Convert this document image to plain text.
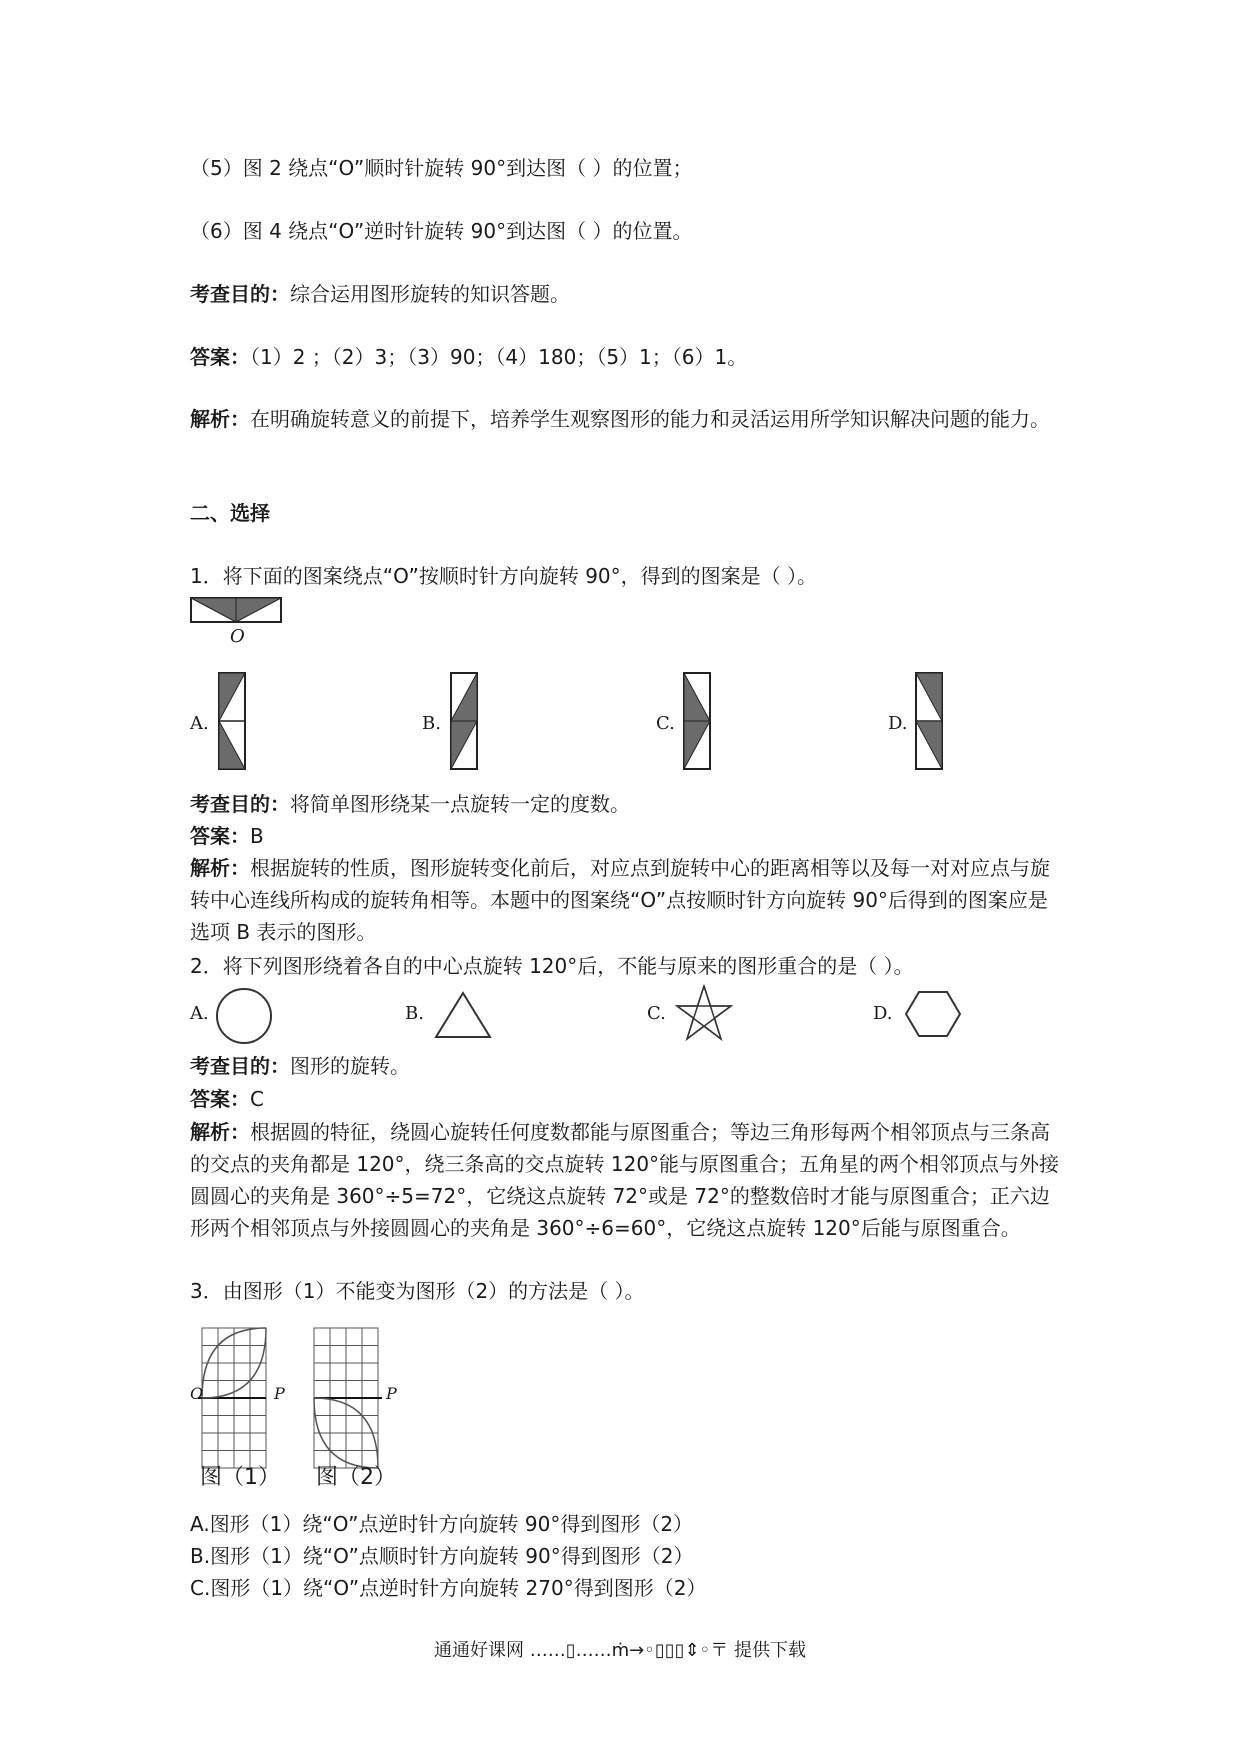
（5）图 2 绕点“O”顺时针旋转 90°到达图（ ）的位置；
（6）图 4 绕点“O”逆时针旋转 90°到达图（ ）的位置。
考查目的：综合运用图形旋转的知识答题。
答案：（1）2 ；（2）3；（3）90；（4）180；（5）1；（6）1。
解析：在明确旋转意义的前提下，培养学生观察图形的能力和灵活运用所学知识解决问题的能力。
二、选择
1．将下面的图案绕点“O”按顺时针方向旋转 90°，得到的图案是（ ）。
O
A.	B.	C.	D.
考查目的：将简单图形绕某一点旋转一定的度数。
答案：B
解析：根据旋转的性质，图形旋转变化前后，对应点到旋转中心的距离相等以及每一对对应点与旋转中心连线所构成的旋转角相等。本题中的图案绕“O”点按顺时针方向旋转 90°后得到的图案应是选项 B 表示的图形。
2．将下列图形绕着各自的中心点旋转 120°后，不能与原来的图形重合的是（ ）。
A.	B.	C.	D.
考查目的：图形的旋转。
答案：C
解析：根据圆的特征，绕圆心旋转任何度数都能与原图重合；等边三角形每两个相邻顶点与三条高的交点的夹角都是 120°，绕三条高的交点旋转 120°能与原图重合；五角星的两个相邻顶点与外接圆圆心的夹角是 360°÷5=72°，它绕这点旋转 72°或是 72°的整数倍时才能与原图重合；正六边形两个相邻顶点与外接圆圆心的夹角是 360°÷6=60°，它绕这点旋转 120°后能与原图重合。
3．由图形（1）不能变为图形（2）的方法是（ ）。
O	P	P
图（1） 图（2）
A.图形（1）绕“O”点逆时针方向旋转 90°得到图形（2）
B.图形（1）绕“O”点顺时针方向旋转 90°得到图形（2）
C.图形（1）绕“O”点逆时针方向旋转 270°得到图形（2）
通通好课网 ……▯……ṁ→◦▯▯▯⇕◦〒 提供下载
